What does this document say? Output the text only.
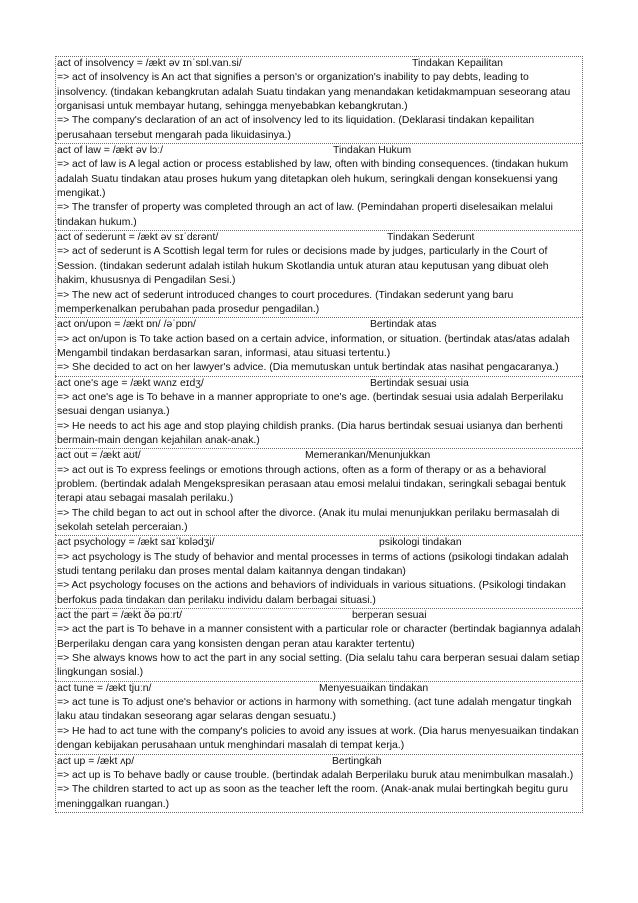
act of insolvency = /ækt əv ɪnˈsɒl.van.si/	Tindakan Kepailitan
=> act of insolvency is An act that signifies a person's or organization's inability to pay debts, leading to insolvency. (tindakan kebangkrutan adalah Suatu tindakan yang menandakan ketidakmampuan seseorang atau organisasi untuk membayar hutang, sehingga menyebabkan kebangkrutan.)
=> The company's declaration of an act of insolvency led to its liquidation. (Deklarasi tindakan kepailitan perusahaan tersebut mengarah pada likuidasinya.)
act of law = /ækt əv lɔː/	Tindakan Hukum
=> act of law is A legal action or process established by law, often with binding consequences. (tindakan hukum adalah Suatu tindakan atau proses hukum yang ditetapkan oleh hukum, seringkali dengan konsekuensi yang mengikat.)
=> The transfer of property was completed through an act of law. (Pemindahan properti diselesaikan melalui tindakan hukum.)
act of sederunt = /ækt əv sɪˈdɛrənt/	Tindakan Sederunt
=> act of sederunt is A Scottish legal term for rules or decisions made by judges, particularly in the Court of Session. (tindakan sederunt adalah istilah hukum Skotlandia untuk aturan atau keputusan yang dibuat oleh hakim, khususnya di Pengadilan Sesi.)
=> The new act of sederunt introduced changes to court procedures. (Tindakan sederunt yang baru memperkenalkan perubahan pada prosedur pengadilan.)
act on/upon = /ækt ɒn/ /əˈpɒn/	Bertindak atas
=> act on/upon is To take action based on a certain advice, information, or situation. (bertindak atas/atas adalah Mengambil tindakan berdasarkan saran, informasi, atau situasi tertentu.)
=> She decided to act on her lawyer's advice. (Dia memutuskan untuk bertindak atas nasihat pengacaranya.)
act one's age = /ækt wʌnz eɪdʒ/	Bertindak sesuai usia
=> act one's age is To behave in a manner appropriate to one's age. (bertindak sesuai usia adalah Berperilaku sesuai dengan usianya.)
=> He needs to act his age and stop playing childish pranks. (Dia harus bertindak sesuai usianya dan berhenti bermain-main dengan kejahilan anak-anak.)
act out = /ækt aʊt/	Memerankan/Menunjukkan
=> act out is To express feelings or emotions through actions, often as a form of therapy or as a behavioral problem. (bertindak adalah Mengekspresikan perasaan atau emosi melalui tindakan, seringkali sebagai bentuk terapi atau sebagai masalah perilaku.)
=> The child began to act out in school after the divorce. (Anak itu mulai menunjukkan perilaku bermasalah di sekolah setelah perceraian.)
act psychology = /ækt saɪˈkɒlədʒi/	psikologi tindakan
=> act psychology is The study of behavior and mental processes in terms of actions (psikologi tindakan adalah studi tentang perilaku dan proses mental dalam kaitannya dengan tindakan)
=> Act psychology focuses on the actions and behaviors of individuals in various situations. (Psikologi tindakan berfokus pada tindakan dan perilaku individu dalam berbagai situasi.)
act the part = /ækt ðə pɑːrt/	berperan sesuai
=> act the part is To behave in a manner consistent with a particular role or character (bertindak bagiannya adalah Berperilaku dengan cara yang konsisten dengan peran atau karakter tertentu)
=> She always knows how to act the part in any social setting. (Dia selalu tahu cara berperan sesuai dalam setiap lingkungan sosial.)
act tune = /ækt tjuːn/	Menyesuaikan tindakan
=> act tune is To adjust one's behavior or actions in harmony with something. (act tune adalah mengatur tingkah laku atau tindakan seseorang agar selaras dengan sesuatu.)
=> He had to act tune with the company's policies to avoid any issues at work. (Dia harus menyesuaikan tindakan dengan kebijakan perusahaan untuk menghindari masalah di tempat kerja.)
act up = /ækt ʌp/	Bertingkah
=> act up is To behave badly or cause trouble. (bertindak adalah Berperilaku buruk atau menimbulkan masalah.)
=> The children started to act up as soon as the teacher left the room. (Anak-anak mulai bertingkah begitu guru meninggalkan ruangan.)
